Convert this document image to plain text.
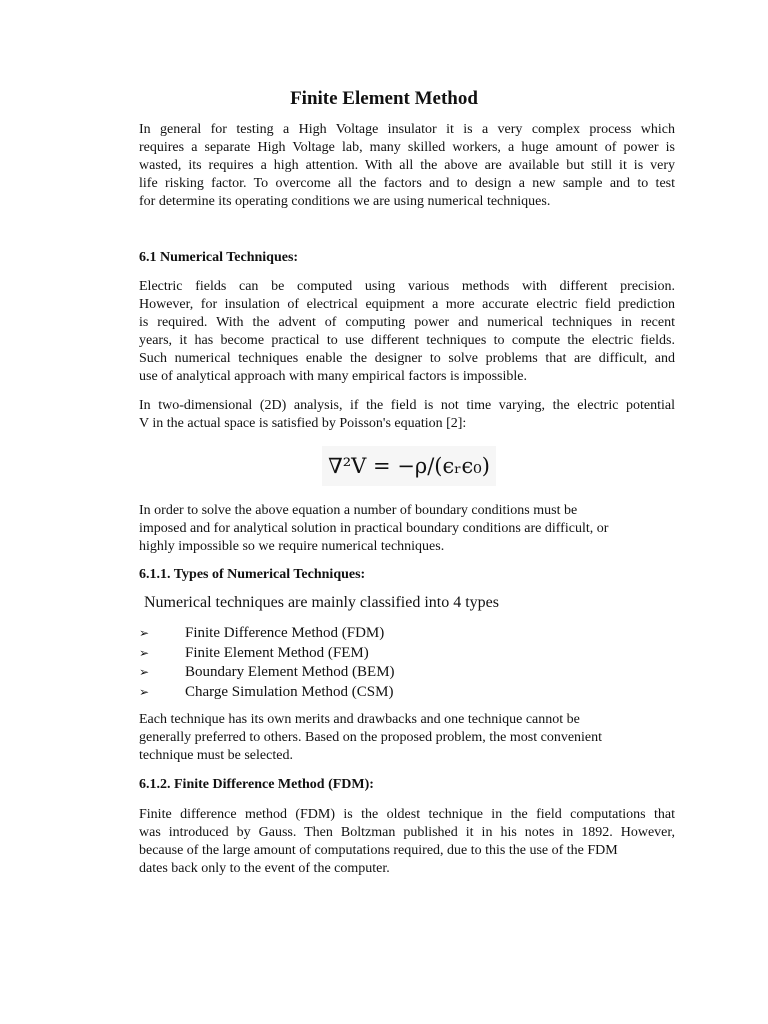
Finite Element Method
In general for testing a High Voltage insulator it is a very complex process which
requires a separate High Voltage lab, many skilled workers, a huge amount of power is
wasted, its requires a high attention. With all the above are available but still it is very
life risking factor. To overcome all the factors and to design a new sample and to test
for determine its operating conditions we are using numerical techniques.
6.1 Numerical Techniques:
Electric fields can be computed using various methods with different precision.
However, for insulation of electrical equipment a more accurate electric field prediction
is required. With the advent of computing power and numerical techniques in recent
years, it has become practical to use different techniques to compute the electric fields.
Such numerical techniques enable the designer to solve problems that are difficult, and
use of analytical approach with many empirical factors is impossible.
In two-dimensional (2D) analysis, if the field is not time varying, the electric potential
V in the actual space is satisfied by Poisson's equation [2]:
∇²V = −ρ/(ϵᵣϵ₀)
In order to solve the above equation a number of boundary conditions must be
imposed and for analytical solution in practical boundary conditions are difficult, or
highly impossible so we require numerical techniques.
6.1.1. Types of Numerical Techniques:
Numerical techniques are mainly classified into 4 types
➢ Finite Difference Method (FDM)
➢ Finite Element Method (FEM)
➢ Boundary Element Method (BEM)
➢ Charge Simulation Method (CSM)
Each technique has its own merits and drawbacks and one technique cannot be
generally preferred to others. Based on the proposed problem, the most convenient
technique must be selected.
6.1.2. Finite Difference Method (FDM):
Finite difference method (FDM) is the oldest technique in the field computations that
was introduced by Gauss. Then Boltzman published it in his notes in 1892. However,
because of the large amount of computations required, due to this the use of the FDM
dates back only to the event of the computer.
